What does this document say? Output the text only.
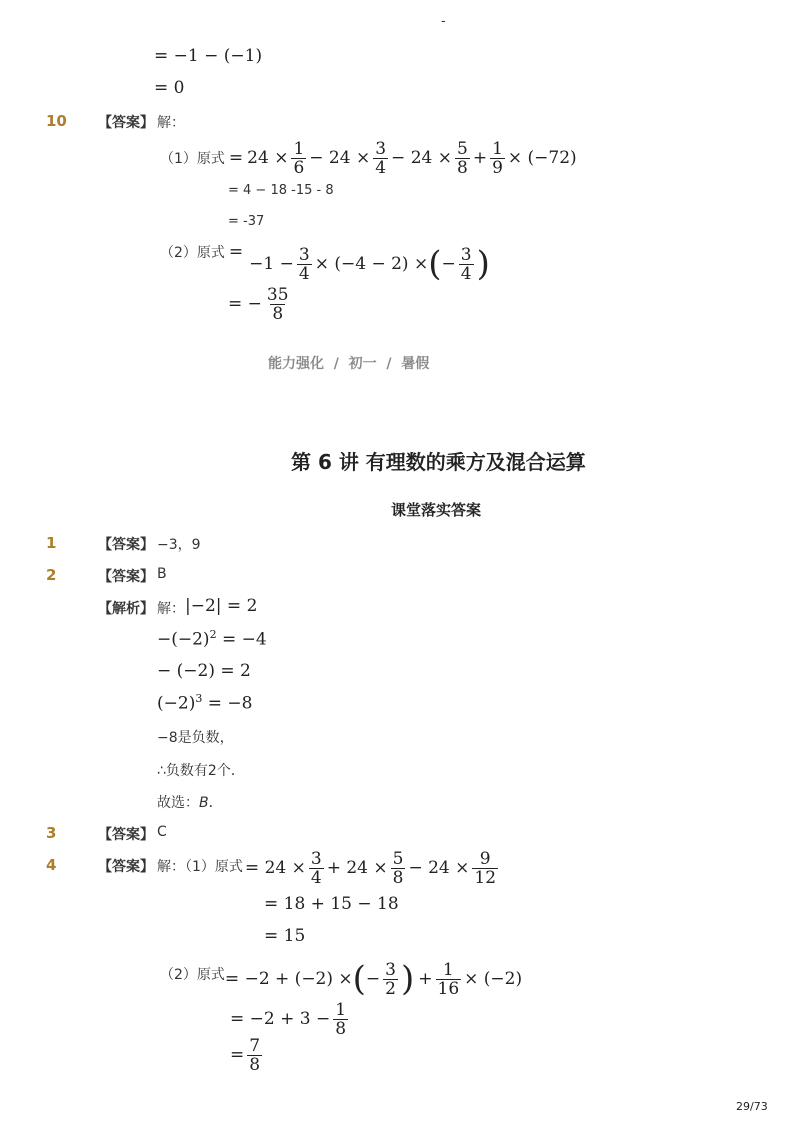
-
= −1 − (−1)
= 0
10 【答案】 解：
（1）原式 = $24 \times \frac{1}{6} - 24 \times \frac{3}{4} - 24 \times \frac{5}{8} + \frac{1}{9} \times (-72)$
= 4 − 18 -15 - 8
= -37
（2）原式 =
$-1 - \frac{3}{4} \times (-4 - 2)$ × ( − $\frac{3}{4}$ )
= − $\frac{35}{8}$
能力强化  /  初一  /  暑假
第 6 讲 有理数的乘方及混合运算
课堂落实答案
1	【答案】 −3，9
2	【答案】 B
【解析】 解： |−2| = 2
$-(-2)^2 = -4$
− (−2) = 2
$(-2)^3 = -8$
−8是负数，
∴负数有2个．
故选：B．
3	【答案】 C
4	【答案】 解：（1）原式 = $24 \times \frac{3}{4} + 24 \times \frac{5}{8} - 24 \times \frac{9}{12}$
= 18 + 15 − 18
= 15
（2）原式 = −2 + (−2) × ( − $\frac{3}{2}$ ) + $\frac{1}{16} \times (-2)$
= $-2 + 3 - \frac{1}{8}$
= $\frac{7}{8}$
29/73
